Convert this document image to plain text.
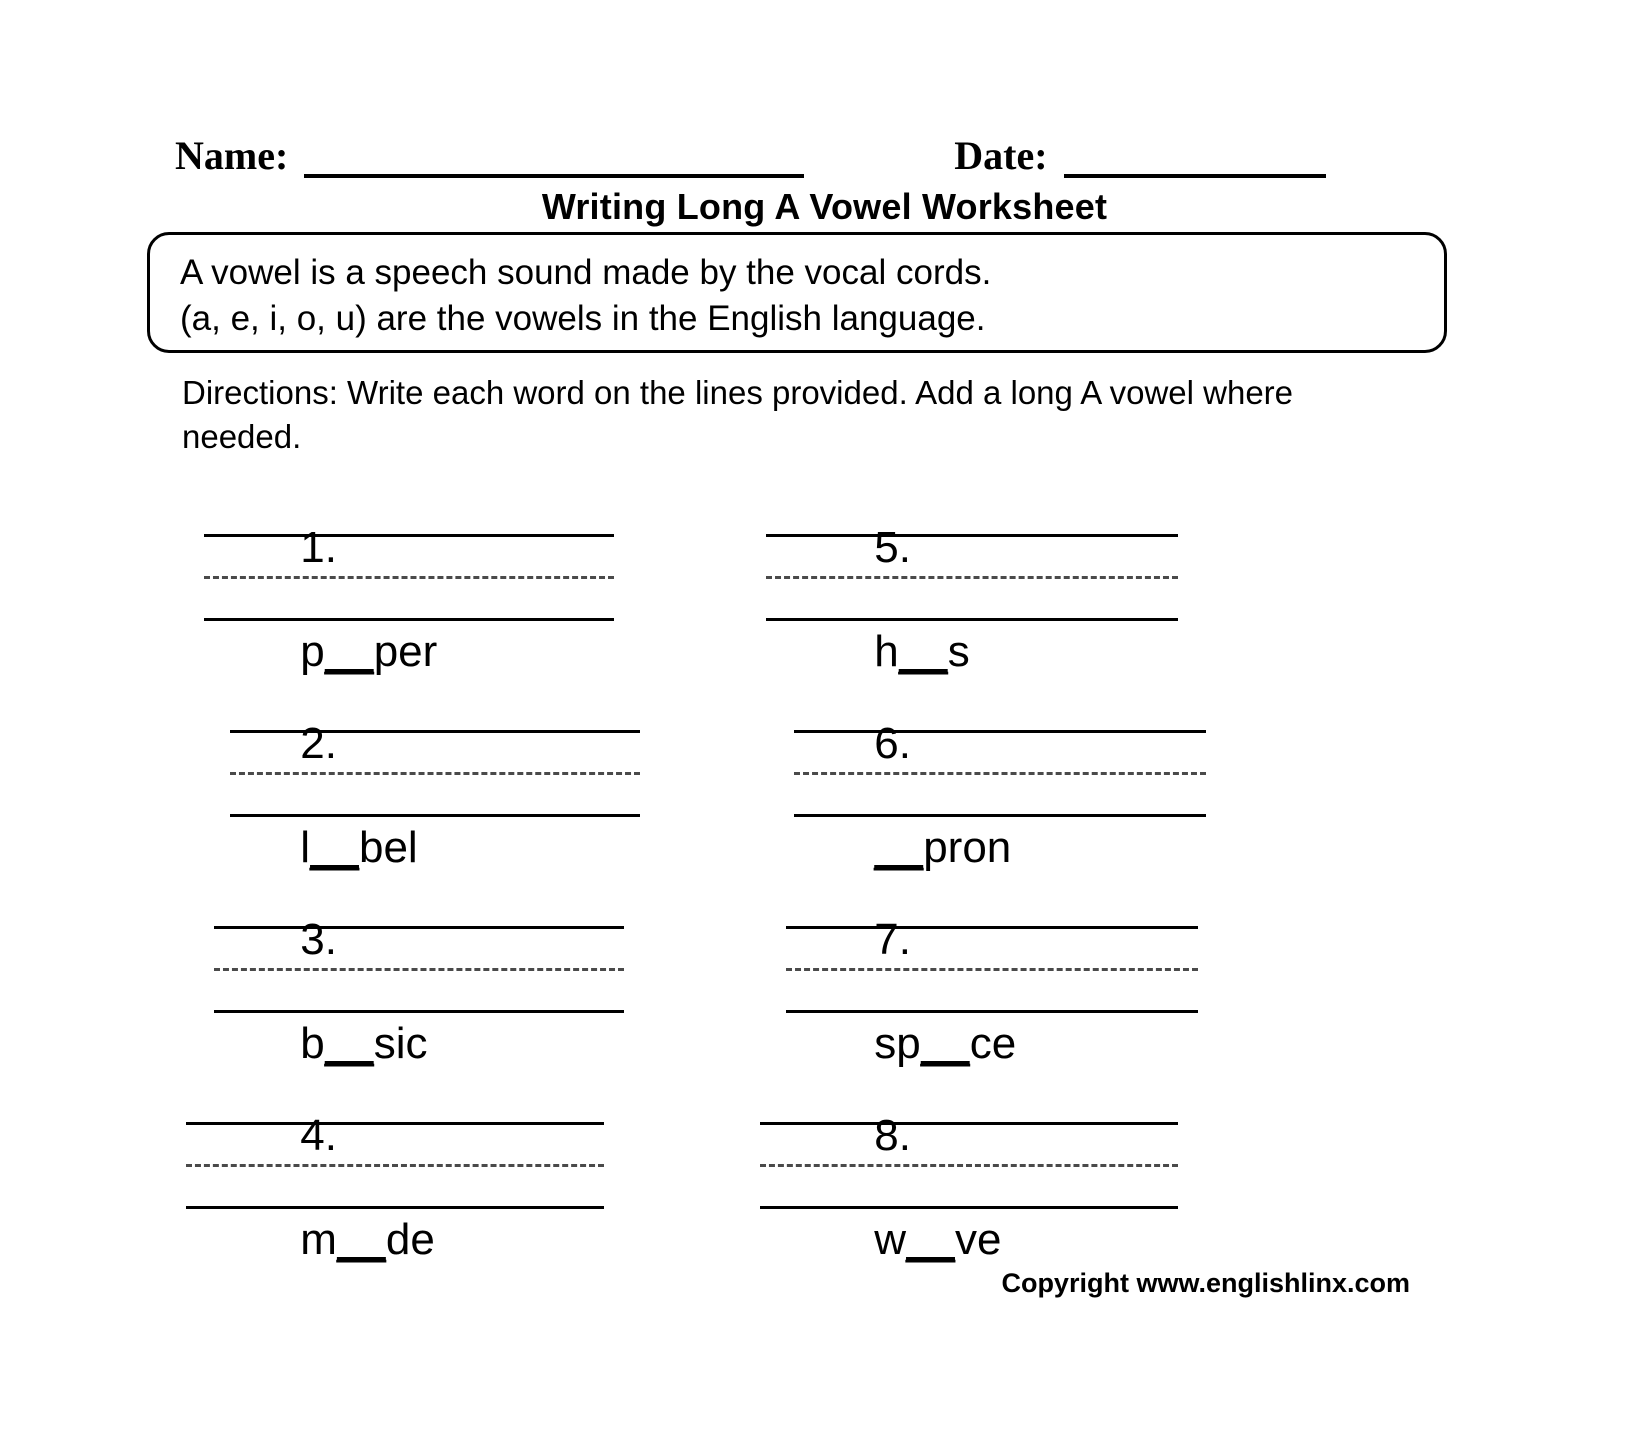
Name:	Date:
Writing Long A Vowel Worksheet
A vowel is a speech sound made by the vocal cords.
(a, e, i, o, u) are the vowels in the English language.
Directions: Write each word on the lines provided. Add a long A vowel where needed.

1.

p__per

5.

h__s

2.

l__bel

6.

__pron

3.

b__sic

7.

sp__ce

4.

m__de

8.

w__ve

Copyright www.englishlinx.com
